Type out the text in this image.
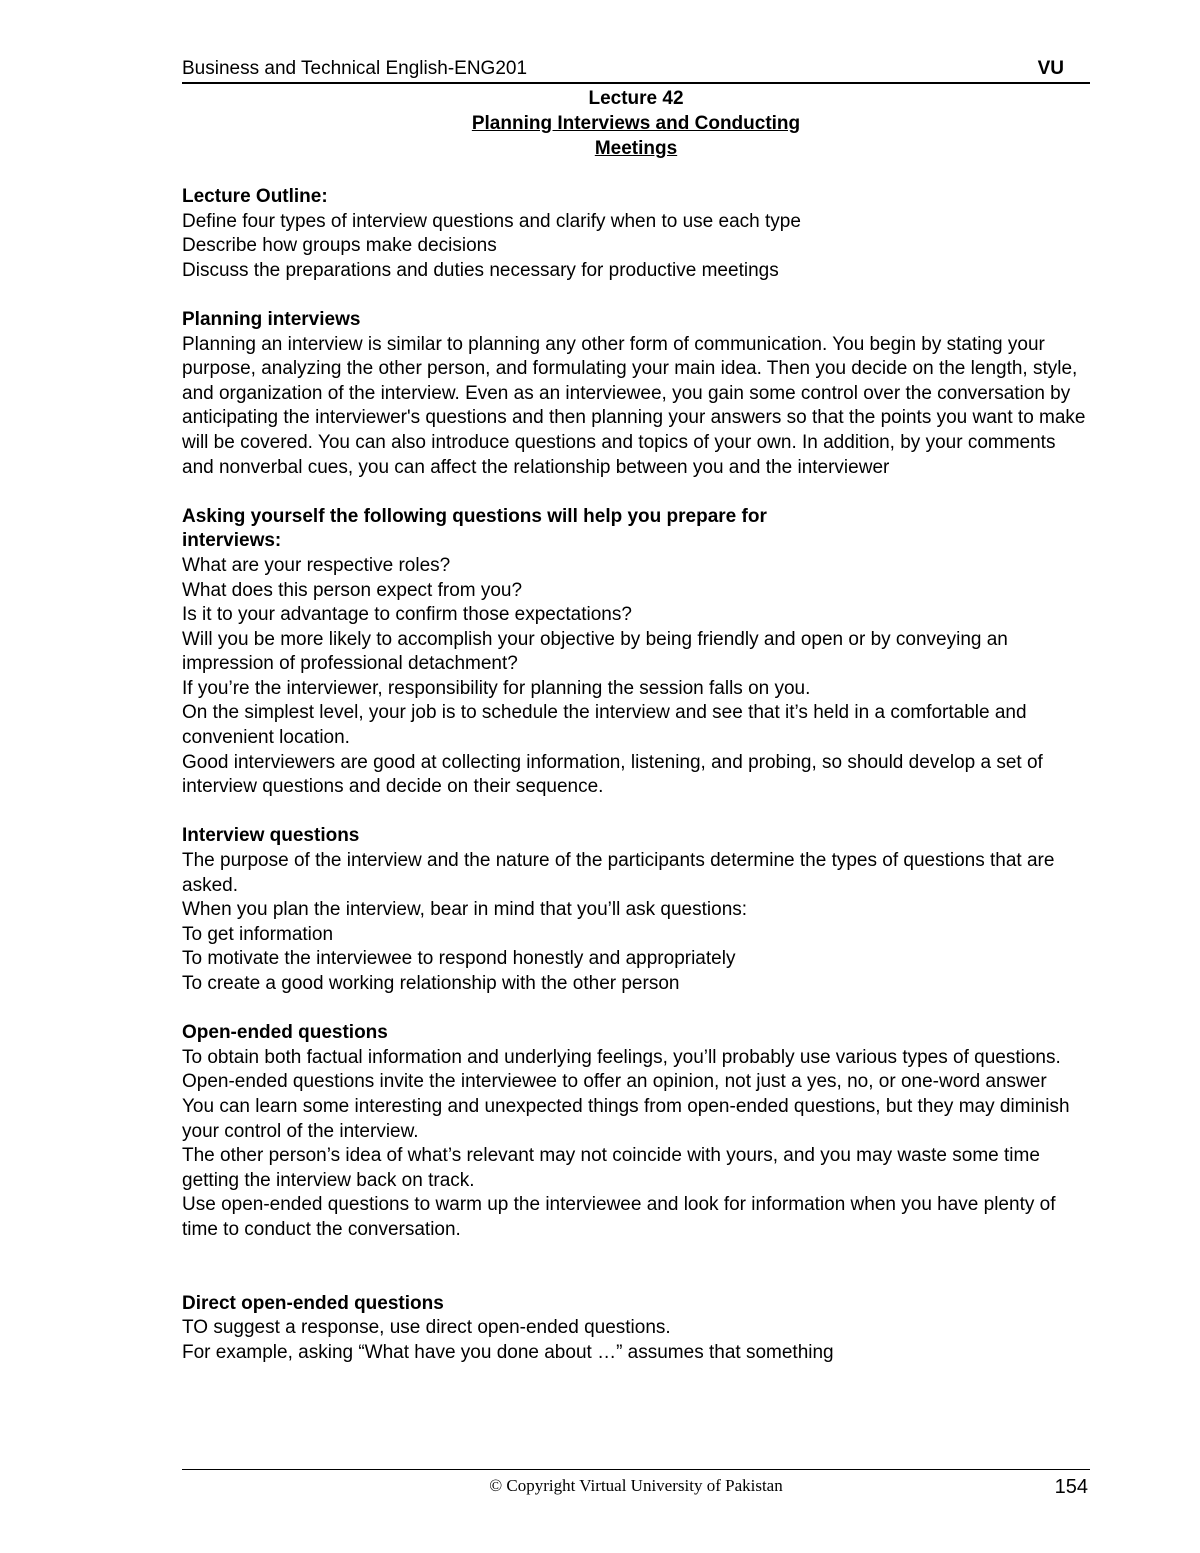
Business and Technical English-ENG201	VU
Lecture 42
Planning Interviews and Conducting
Meetings
Lecture Outline:
Define four types of interview questions and clarify when to use each type
Describe how groups make decisions
Discuss the preparations and duties necessary for productive meetings
Planning interviews
Planning an interview is similar to planning any other form of communication. You begin by stating your purpose, analyzing the other person, and formulating your main idea. Then you decide on the length, style, and organization of the interview. Even as an interviewee, you gain some control over the conversation by anticipating the interviewer's questions and then planning your answers so that the points you want to make will be covered. You can also introduce questions and topics of your own. In addition, by your comments and nonverbal cues, you can affect the relationship between you and the interviewer
Asking yourself the following questions will help you prepare for interviews:
What are your respective roles?
What does this person expect from you?
Is it to your advantage to confirm those expectations?
Will you be more likely to accomplish your objective by being friendly and open or by conveying an impression of professional detachment?
If you’re the interviewer, responsibility for planning the session falls on you.
On the simplest level, your job is to schedule the interview and see that it’s held in a comfortable and convenient location.
Good interviewers are good at collecting information, listening, and probing, so should develop a set of interview questions and decide on their sequence.
Interview questions
The purpose of the interview and the nature of the participants determine the types of questions that are asked.
When you plan the interview, bear in mind that you’ll ask questions:
To get information
To motivate the interviewee to respond honestly and appropriately
To create a good working relationship with the other person
Open-ended questions
To obtain both factual information and underlying feelings, you’ll probably use various types of questions.
Open-ended questions invite the interviewee to offer an opinion, not just a yes, no, or one-word answer
You can learn some interesting and unexpected things from open-ended questions, but they may diminish your control of the interview.
The other person’s idea of what’s relevant may not coincide with yours, and you may waste some time getting the interview back on track.
Use open-ended questions to warm up the interviewee and look for information when you have plenty of time to conduct the conversation.
Direct open-ended questions
TO suggest a response, use direct open-ended questions.
For example, asking “What have you done about …” assumes that something
© Copyright Virtual University of Pakistan	154
